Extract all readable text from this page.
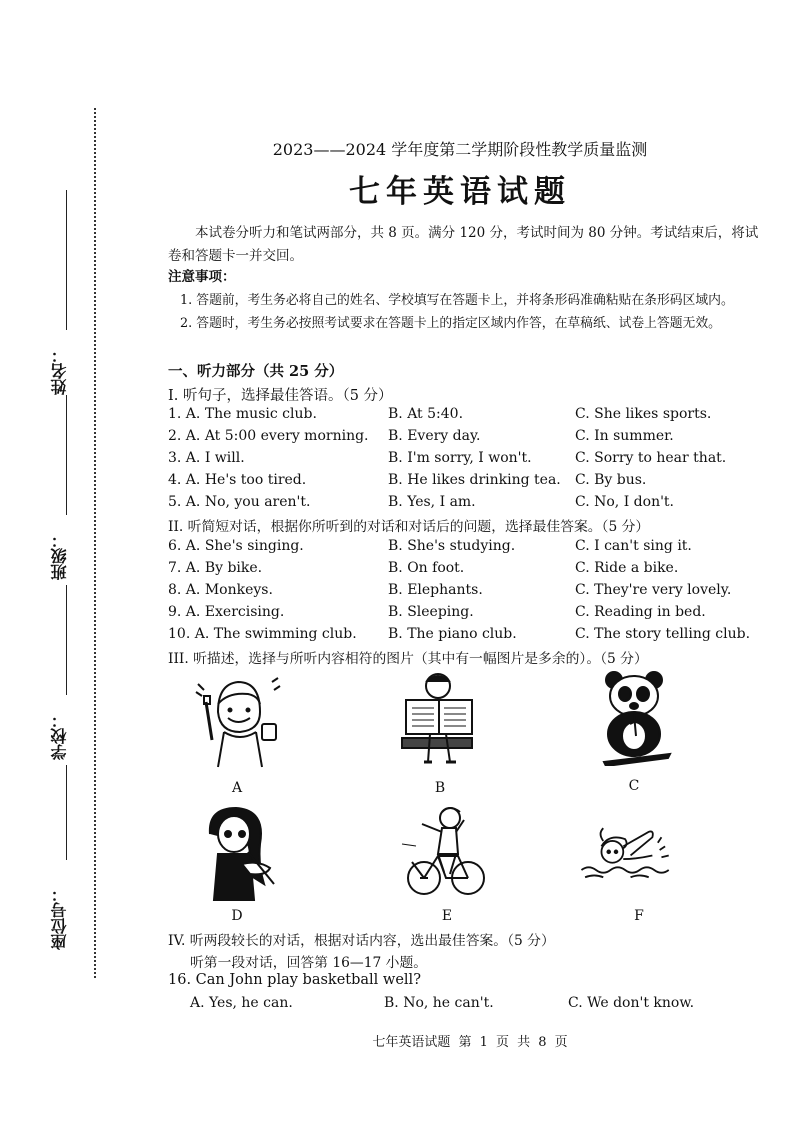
姓名：
班级：
学校：
座位号：
2023——2024 学年度第二学期阶段性教学质量监测
七年英语试题
本试卷分听力和笔试两部分，共 8 页。满分 120 分，考试时间为 80 分钟。考试结束后，将试卷和答题卡一并交回。
注意事项：
1. 答题前，考生务必将自己的姓名、学校填写在答题卡上，并将条形码准确粘贴在条形码区域内。
2. 答题时，考生务必按照考试要求在答题卡上的指定区域内作答，在草稿纸、试卷上答题无效。
一、听力部分（共 25 分）
I. 听句子，选择最佳答语。（5 分）
1. A. The music club.	B. At 5:40.	C. She likes sports.
2. A. At 5:00 every morning. B. Every day.	C. In summer.
3. A. I will.	B. I'm sorry, I won't.	C. Sorry to hear that.
4. A. He's too tired.	B. He likes drinking tea. C. By bus.
5. A. No, you aren't.	B. Yes, I am.	C. No, I don't.
II. 听简短对话，根据你所听到的对话和对话后的问题，选择最佳答案。（5 分）
6. A. She's singing.	B. She's studying.	C. I can't sing it.
7. A. By bike.	B. On foot.	C. Ride a bike.
8. A. Monkeys.	B. Elephants.	C. They're very lovely.
9. A. Exercising.	B. Sleeping.	C. Reading in bed.
10. A. The swimming club. B. The piano club.	C. The story telling club.
III. 听描述，选择与所听内容相符的图片（其中有一幅图片是多余的）。（5 分）
A	B	C
D	E	F
IV. 听两段较长的对话，根据对话内容，选出最佳答案。（5 分）
听第一段对话，回答第 16—17 小题。
16. Can John play basketball well?
A. Yes, he can.	B. No, he can't.	C. We don't know.
七年英语试题 第 1 页 共 8 页
